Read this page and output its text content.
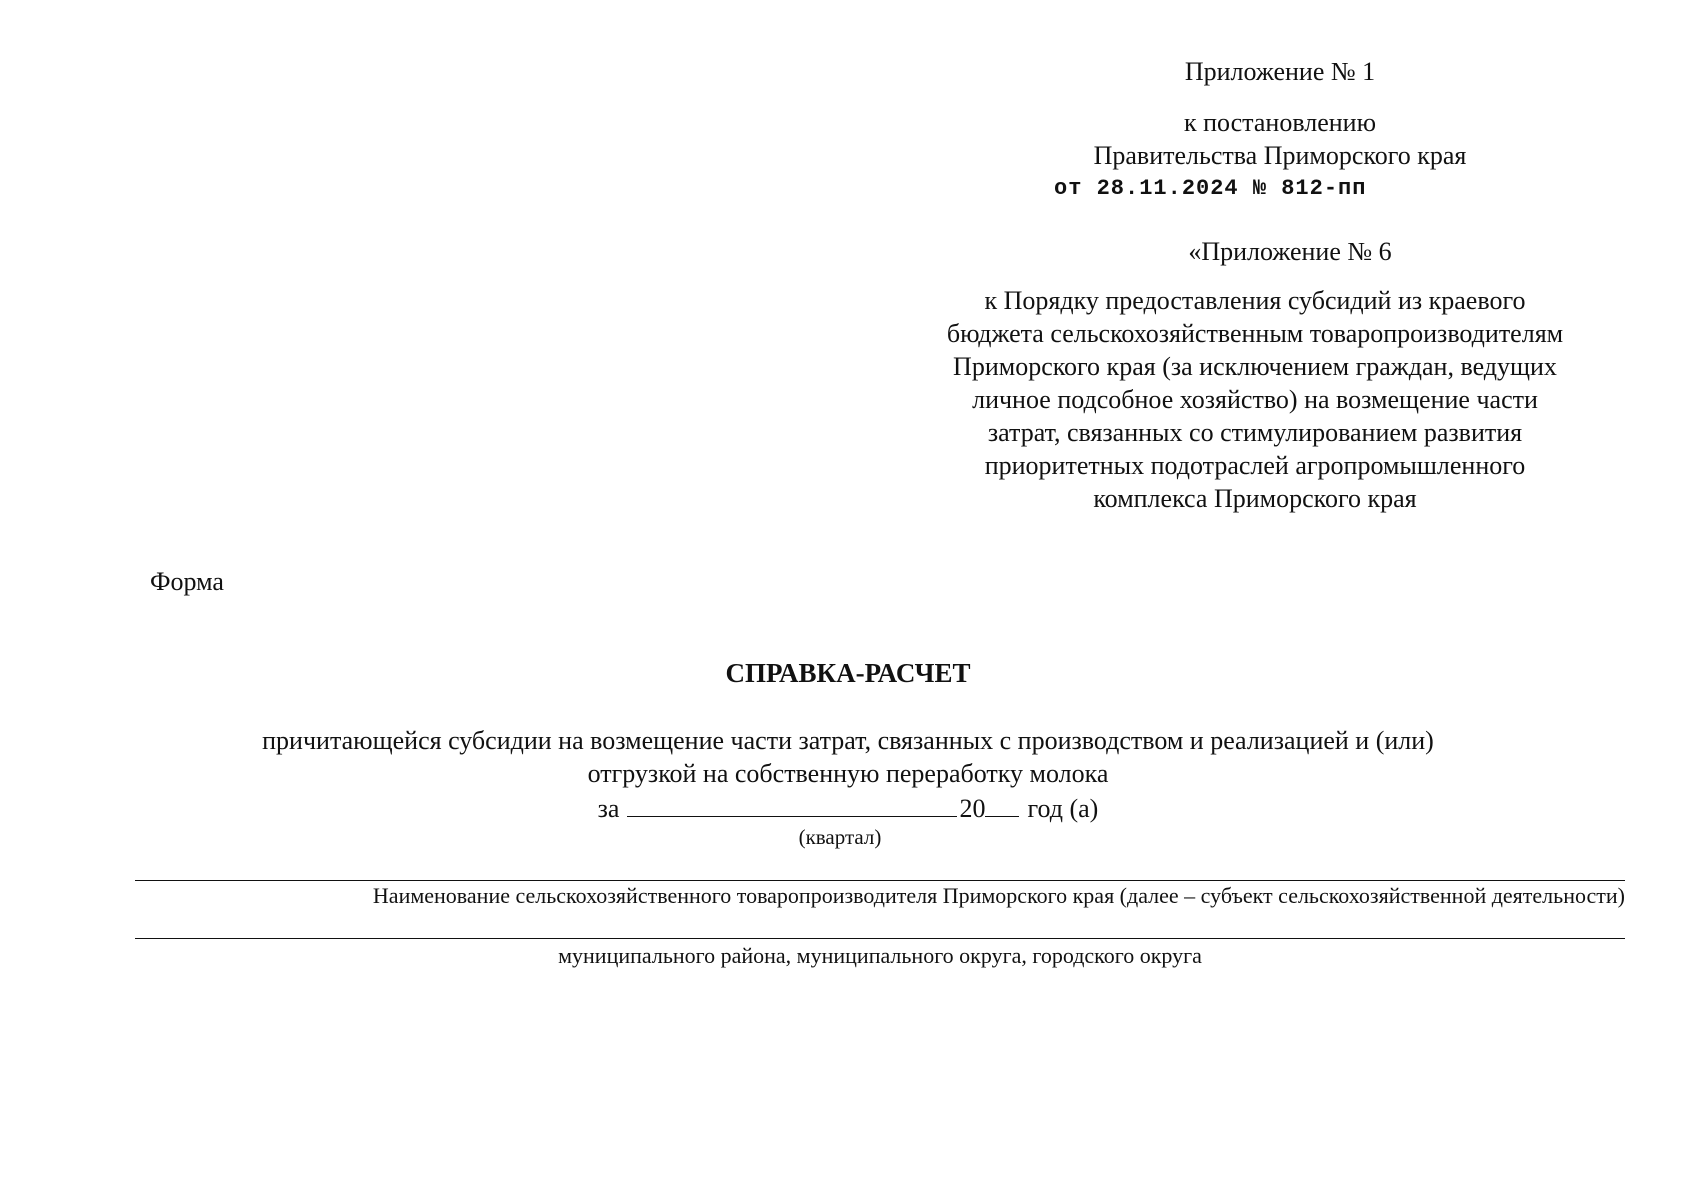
Приложение № 1
к постановлению
Правительства Приморского края
от 28.11.2024 № 812-пп
«Приложение № 6
к Порядку предоставления субсидий из краевого
бюджета сельскохозяйственным товаропроизводителям
Приморского края (за исключением граждан, ведущих
личное подсобное хозяйство) на возмещение части
затрат, связанных со стимулированием развития
приоритетных подотраслей агропромышленного
комплекса Приморского края
Форма
СПРАВКА-РАСЧЕТ
причитающейся субсидии на возмещение части затрат, связанных с производством и реализацией и (или)
отгрузкой на собственную переработку молока
за	20 год (а)
(квартал)
Наименование сельскохозяйственного товаропроизводителя Приморского края (далее – субъект сельскохозяйственной деятельности)
муниципального района, муниципального округа, городского округа
